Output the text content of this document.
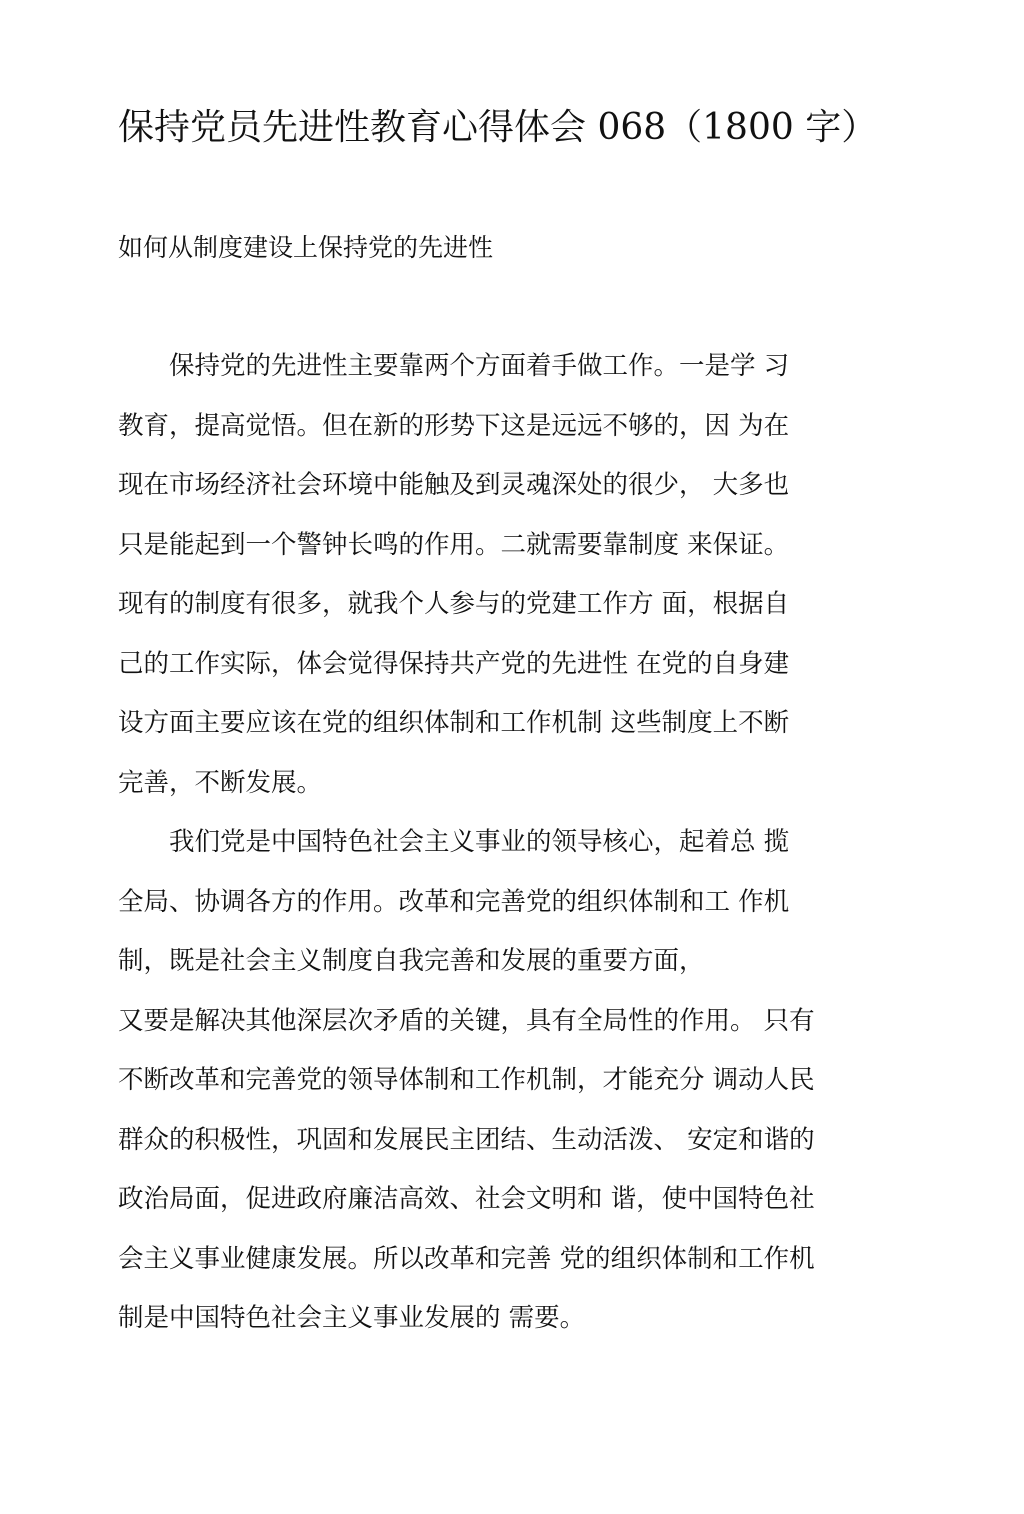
保持党员先进性教育心得体会 068（1800 字）
如何从制度建设上保持党的先进性
　　保持党的先进性主要靠两个方面着手做工作。一是学 习
教育，提高觉悟。但在新的形势下这是远远不够的，因 为在
现在市场经济社会环境中能触及到灵魂深处的很少， 大多也
只是能起到一个警钟长鸣的作用。二就需要靠制度 来保证。
现有的制度有很多，就我个人参与的党建工作方 面，根据自
己的工作实际，体会觉得保持共产党的先进性 在党的自身建
设方面主要应该在党的组织体制和工作机制 这些制度上不断
完善，不断发展。
　　我们党是中国特色社会主义事业的领导核心，起着总 揽
全局、协调各方的作用。改革和完善党的组织体制和工 作机
制，既是社会主义制度自我完善和发展的重要方面，
又要是解决其他深层次矛盾的关键，具有全局性的作用。 只有
不断改革和完善党的领导体制和工作机制，才能充分 调动人民
群众的积极性，巩固和发展民主团结、生动活泼、 安定和谐的
政治局面，促进政府廉洁高效、社会文明和 谐，使中国特色社
会主义事业健康发展。所以改革和完善 党的组织体制和工作机
制是中国特色社会主义事业发展的 需要。
